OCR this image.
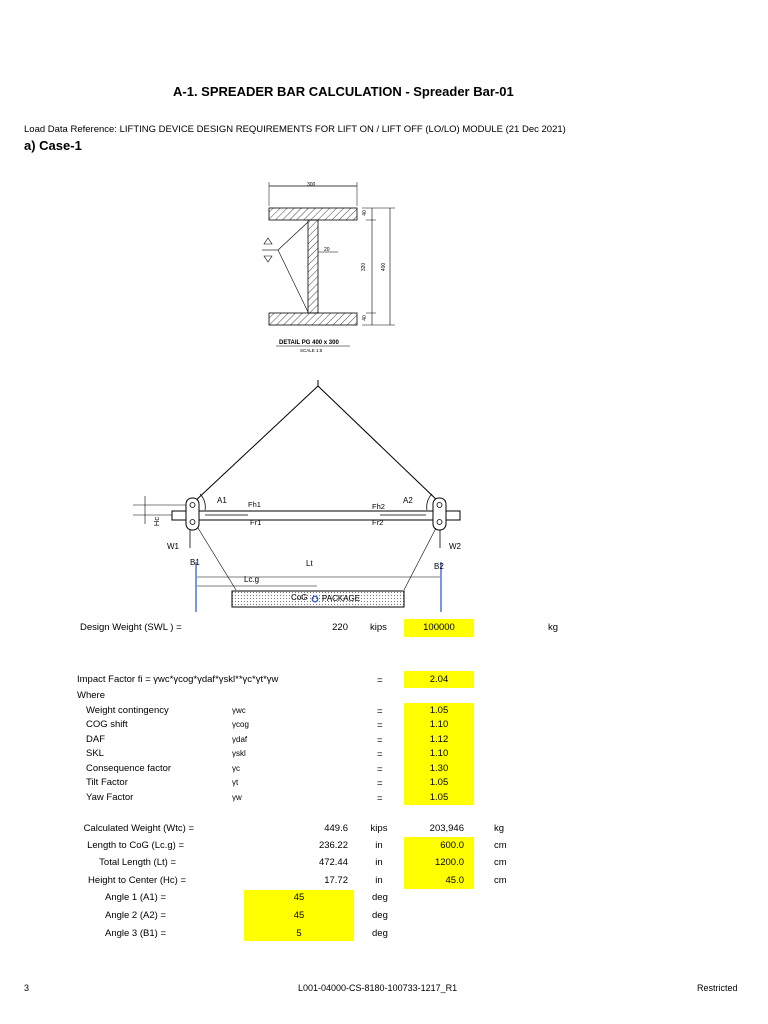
A-1. SPREADER BAR CALCULATION - Spreader Bar-01
Load Data Reference: LIFTING DEVICE DESIGN REQUIREMENTS FOR LIFT ON / LIFT OFF (LO/LO) MODULE (21 Dec 2021)
a) Case-1
300
20
40
320	400
40
DETAIL PG 400 x 300
SCALE 1:5
A1	A2
Fh1	Fh2
Fr1	Fr2
Hc
W1	W2
B1	B2
Lt
Lc.g
CoG PACKAGE
Design Weight (SWL ) =	220 kips	100000	kg
Impact Factor fi = γwc*γcog*γdaf*γskl**γc*γt*γw	=	2.04
Where
Weight contingency	γwc	=	1.05
COG shift	γcog	=	1.10
DAF	γdaf	=	1.12
SKL	γskl	=	1.10
Consequence factor	γc	=	1.30
Tilt Factor	γt	=	1.05
Yaw Factor	γw	=	1.05
Calculated Weight (Wtc) =	449.6	kips	203,946	kg
Length to CoG (Lc.g) =	236.22	in	600.0	cm
Total Length (Lt) =	472.44	in	1200.0	cm
Height to Center (Hc) =	17.72	in	45.0	cm
Angle 1 (A1) =	45	deg
Angle 2 (A2) =	45	deg
Angle 3 (B1) =	5	deg
3	L001-04000-CS-8180-100733-1217_R1	Restricted
